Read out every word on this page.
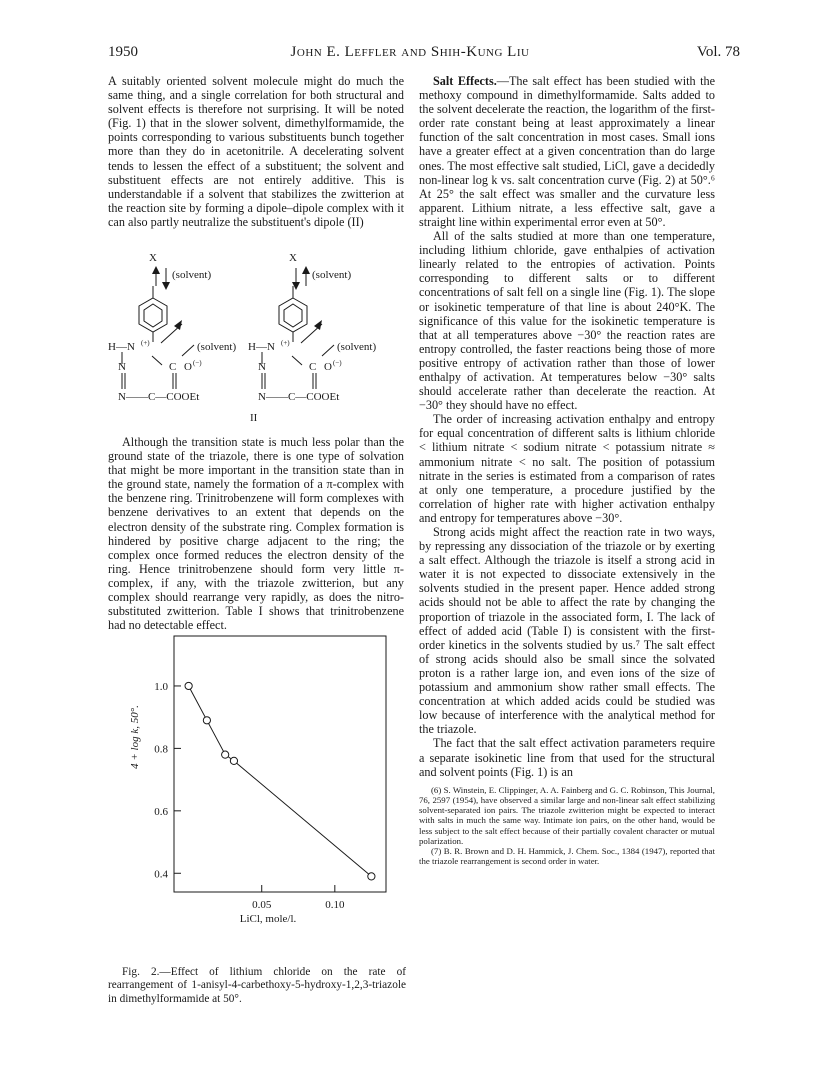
1950	John E. Leffler and Shih-Kung Liu	Vol. 78

A suitably oriented solvent molecule might do much the same thing, and a single correlation for both structural and solvent effects is therefore not surprising. It will be noted (Fig. 1) that in the slower solvent, dimethylformamide, the points corresponding to various substituents bunch together more than they do in acetonitrile. A decelerating solvent tends to lessen the effect of a substituent; the solvent and substituent effects are not entirely additive. This is understandable if a solvent that stabilizes the zwitterion at the reaction site by forming a dipole–dipole complex with it can also partly neutralize the substituent's dipole (II)

X
(solvent)
H—N (+)	(solvent)
N	C O (−)
N——C—COOEt
X
(solvent)
H—N (+)	(solvent)
N	C O (−)
N——C—COOEt
II

Although the transition state is much less polar than the ground state of the triazole, there is one type of solvation that might be more important in the transition state than in the ground state, namely the formation of a π-complex with the benzene ring. Trinitrobenzene will form complexes with benzene derivatives to an extent that depends on the electron density of the substrate ring. Complex formation is hindered by positive charge adjacent to the ring; the complex once formed reduces the electron density of the ring. Hence trinitrobenzene should form very little π-complex, if any, with the triazole zwitterion, but any complex should rearrange very rapidly, as does the nitro-substituted zwitterion. Table I shows that trinitrobenzene had no detectable effect.

0.4
0.6
0.8
1.0
0.05	0.10
4 + log k, 50°.
LiCl, mole/l.
Fig. 2.—Effect of lithium chloride on the rate of rearrangement of 1-anisyl-4-carbethoxy-5-hydroxy-1,2,3-triazole in dimethylformamide at 50°.

Salt Effects.—The salt effect has been studied with the methoxy compound in dimethylformamide. Salts added to the solvent decelerate the reaction, the logarithm of the first-order rate constant being at least approximately a linear function of the salt concentration in most cases. Small ions have a greater effect at a given concentration than do large ones. The most effective salt studied, LiCl, gave a decidedly non-linear log k vs. salt concentration curve (Fig. 2) at 50°.⁶ At 25° the salt effect was smaller and the curvature less apparent. Lithium nitrate, a less effective salt, gave a straight line within experimental error even at 50°.

All of the salts studied at more than one temperature, including lithium chloride, gave enthalpies of activation linearly related to the entropies of activation. Points corresponding to different salts or to different concentrations of salt fell on a single line (Fig. 1). The slope or isokinetic temperature of that line is about 240°K. The significance of this value for the isokinetic temperature is that at all temperatures above −30° the reaction rates are entropy controlled, the faster reactions being those of more positive entropy of activation rather than those of lower enthalpy of activation. At temperatures below −30° salts should accelerate rather than decelerate the reaction. At −30° they should have no effect.

The order of increasing activation enthalpy and entropy for equal concentration of different salts is lithium chloride < lithium nitrate < sodium nitrate < potassium nitrate ≈ ammonium nitrate < no salt. The position of potassium nitrate in the series is estimated from a comparison of rates at only one temperature, a procedure justified by the correlation of higher rate with higher activation enthalpy and entropy for temperatures above −30°.

Strong acids might affect the reaction rate in two ways, by repressing any dissociation of the triazole or by exerting a salt effect. Although the triazole is itself a strong acid in water it is not expected to dissociate extensively in the solvents studied in the present paper. Hence added strong acids should not be able to affect the rate by changing the proportion of triazole in the associated form, I. The lack of effect of added acid (Table I) is consistent with the first-order kinetics in the solvents studied by us.⁷ The salt effect of strong acids should also be small since the solvated proton is a rather large ion, and even ions of the size of potassium and ammonium show rather small effects. The concentration at which added acids could be studied was low because of interference with the analytical method for the triazole.

The fact that the salt effect activation parameters require a separate isokinetic line from that used for the structural and solvent points (Fig. 1) is an

(6) S. Winstein, E. Clippinger, A. A. Fainberg and G. C. Robinson, This Journal, 76, 2597 (1954), have observed a similar large and non-linear salt effect stabilizing solvent-separated ion pairs. The triazole zwitterion might be expected to interact with salts in much the same way. Intimate ion pairs, on the other hand, would be less subject to the salt effect because of their partially covalent character or mutual polarization.

(7) B. R. Brown and D. H. Hammick, J. Chem. Soc., 1384 (1947), reported that the triazole rearrangement is second order in water.
